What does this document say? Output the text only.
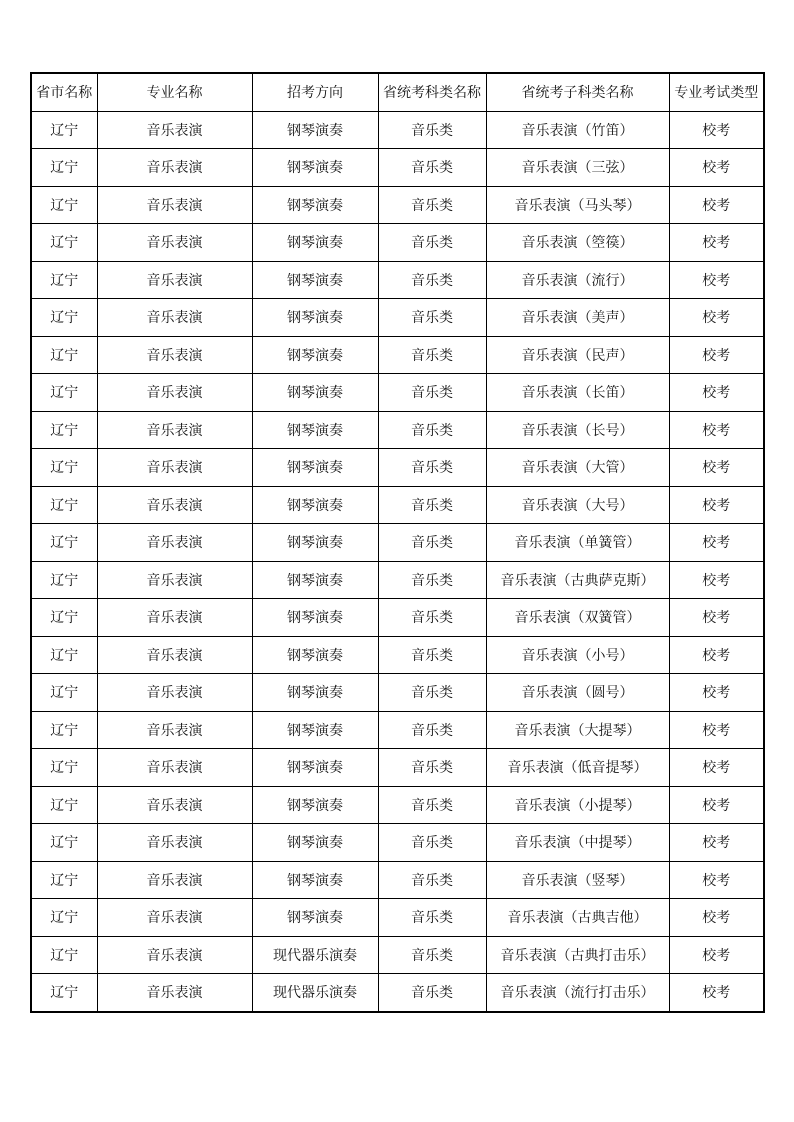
省市名称	专业名称	招考方向	省统考科类名称	省统考子科类名称	专业考试类型
辽宁	音乐表演	钢琴演奏	音乐类	音乐表演（竹笛）	校考
辽宁	音乐表演	钢琴演奏	音乐类	音乐表演（三弦）	校考
辽宁	音乐表演	钢琴演奏	音乐类	音乐表演（马头琴）	校考
辽宁	音乐表演	钢琴演奏	音乐类	音乐表演（箜篌）	校考
辽宁	音乐表演	钢琴演奏	音乐类	音乐表演（流行）	校考
辽宁	音乐表演	钢琴演奏	音乐类	音乐表演（美声）	校考
辽宁	音乐表演	钢琴演奏	音乐类	音乐表演（民声）	校考
辽宁	音乐表演	钢琴演奏	音乐类	音乐表演（长笛）	校考
辽宁	音乐表演	钢琴演奏	音乐类	音乐表演（长号）	校考
辽宁	音乐表演	钢琴演奏	音乐类	音乐表演（大管）	校考
辽宁	音乐表演	钢琴演奏	音乐类	音乐表演（大号）	校考
辽宁	音乐表演	钢琴演奏	音乐类	音乐表演（单簧管）	校考
辽宁	音乐表演	钢琴演奏	音乐类	音乐表演（古典萨克斯）	校考
辽宁	音乐表演	钢琴演奏	音乐类	音乐表演（双簧管）	校考
辽宁	音乐表演	钢琴演奏	音乐类	音乐表演（小号）	校考
辽宁	音乐表演	钢琴演奏	音乐类	音乐表演（圆号）	校考
辽宁	音乐表演	钢琴演奏	音乐类	音乐表演（大提琴）	校考
辽宁	音乐表演	钢琴演奏	音乐类	音乐表演（低音提琴）	校考
辽宁	音乐表演	钢琴演奏	音乐类	音乐表演（小提琴）	校考
辽宁	音乐表演	钢琴演奏	音乐类	音乐表演（中提琴）	校考
辽宁	音乐表演	钢琴演奏	音乐类	音乐表演（竖琴）	校考
辽宁	音乐表演	钢琴演奏	音乐类	音乐表演（古典吉他）	校考
辽宁	音乐表演	现代器乐演奏	音乐类	音乐表演（古典打击乐）	校考
辽宁	音乐表演	现代器乐演奏	音乐类	音乐表演（流行打击乐）	校考
